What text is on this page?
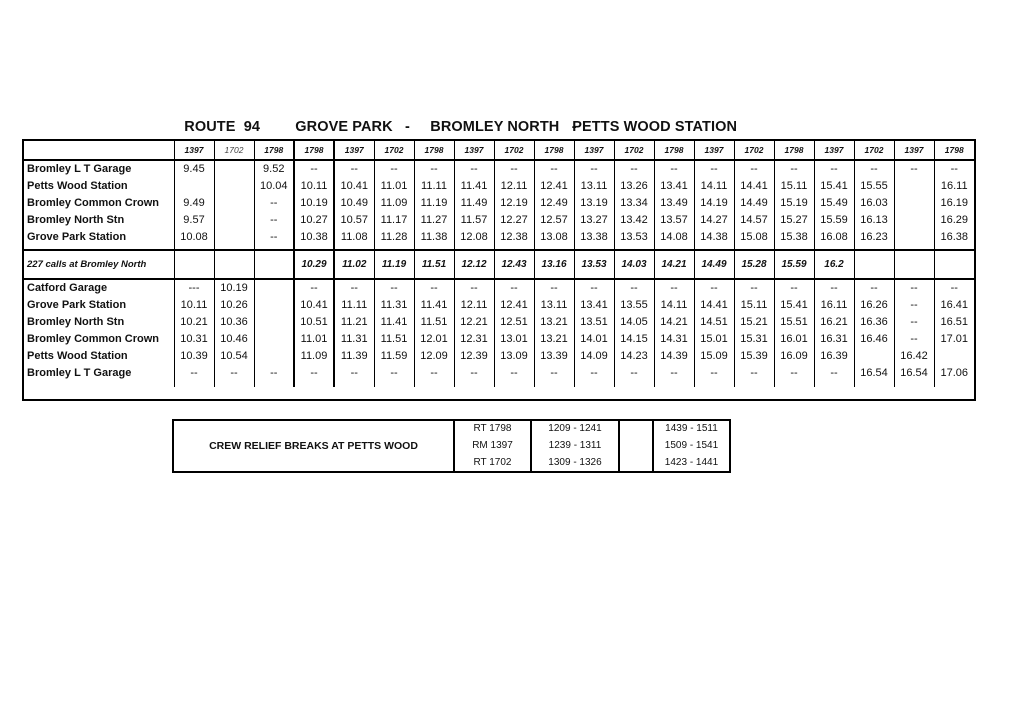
ROUTE  94 GROVE PARK   - BROMLEY NORTH   -PETTS WOOD STATION

	1397	1702	1798	1798	1397	1702	1798	1397	1702	1798	1397	1702	1798	1397	1702	1798	1397	1702	1397	1798
Bromley L T Garage	9.45		9.52	--	--	--	--	--	--	--	--	--	--	--	--	--	--	--	--	--
Petts Wood Station			10.04	10.11	10.41	11.01	11.11	11.41	12.11	12.41	13.11	13.26	13.41	14.11	14.41	15.11	15.41	15.55		16.11
Bromley Common Crown	9.49		--	10.19	10.49	11.09	11.19	11.49	12.19	12.49	13.19	13.34	13.49	14.19	14.49	15.19	15.49	16.03		16.19
Bromley North Stn	9.57		--	10.27	10.57	11.17	11.27	11.57	12.27	12.57	13.27	13.42	13.57	14.27	14.57	15.27	15.59	16.13		16.29
Grove Park Station	10.08		--	10.38	11.08	11.28	11.38	12.08	12.38	13.08	13.38	13.53	14.08	14.38	15.08	15.38	16.08	16.23		16.38
227 calls at Bromley North				10.29	11.02	11.19	11.51	12.12	12.43	13.16	13.53	14.03	14.21	14.49	15.28	15.59	16.2			
Catford Garage	---	10.19		--	--	--	--	--	--	--	--	--	--	--	--	--	--	--	--	--
Grove Park Station	10.11	10.26		10.41	11.11	11.31	11.41	12.11	12.41	13.11	13.41	13.55	14.11	14.41	15.11	15.41	16.11	16.26	--	16.41
Bromley North Stn	10.21	10.36		10.51	11.21	11.41	11.51	12.21	12.51	13.21	13.51	14.05	14.21	14.51	15.21	15.51	16.21	16.36	--	16.51
Bromley Common Crown	10.31	10.46		11.01	11.31	11.51	12.01	12.31	13.01	13.21	14.01	14.15	14.31	15.01	15.31	16.01	16.31	16.46	--	17.01
Petts Wood Station	10.39	10.54		11.09	11.39	11.59	12.09	12.39	13.09	13.39	14.09	14.23	14.39	15.09	15.39	16.09	16.39		16.42	
Bromley L T Garage	--	--	--	--	--	--	--	--	--	--	--	--	--	--	--	--	--	16.54	16.54	17.06
CREW RELIEF BREAKS AT PETTS WOOD	RT 1798	1209 - 1241		1439 - 1511
	RM 1397	1239 - 1311		1509 - 1541
	RT 1702	1309 - 1326		1423 - 1441
